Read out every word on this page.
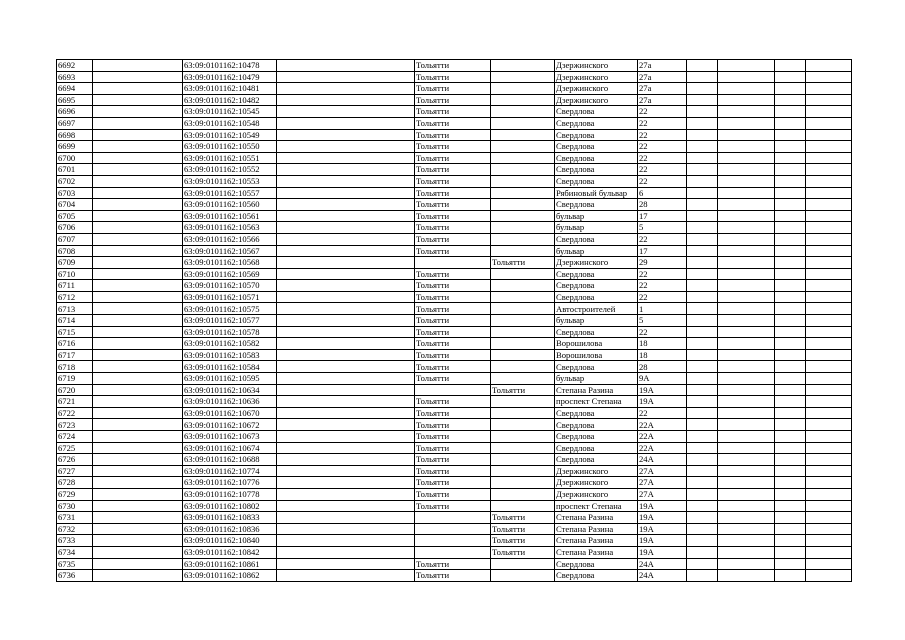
6692		63:09:0101162:10478		Тольятти		Дзержинского	27а				
6693		63:09:0101162:10479		Тольятти		Дзержинского	27а				
6694		63:09:0101162:10481		Тольятти		Дзержинского	27а				
6695		63:09:0101162:10482		Тольятти		Дзержинского	27а				
6696		63:09:0101162:10545		Тольятти		Свердлова	22				
6697		63:09:0101162:10548		Тольятти		Свердлова	22				
6698		63:09:0101162:10549		Тольятти		Свердлова	22				
6699		63:09:0101162:10550		Тольятти		Свердлова	22				
6700		63:09:0101162:10551		Тольятти		Свердлова	22				
6701		63:09:0101162:10552		Тольятти		Свердлова	22				
6702		63:09:0101162:10553		Тольятти		Свердлова	22				
6703		63:09:0101162:10557		Тольятти		Рябиновый бульвар	6				
6704		63:09:0101162:10560		Тольятти		Свердлова	28				
6705		63:09:0101162:10561		Тольятти		бульвар	17				
6706		63:09:0101162:10563		Тольятти		бульвар	5				
6707		63:09:0101162:10566		Тольятти		Свердлова	22				
6708		63:09:0101162:10567		Тольятти		бульвар	17				
6709		63:09:0101162:10568			Тольятти	Дзержинского	29				
6710		63:09:0101162:10569		Тольятти		Свердлова	22				
6711		63:09:0101162:10570		Тольятти		Свердлова	22				
6712		63:09:0101162:10571		Тольятти		Свердлова	22				
6713		63:09:0101162:10575		Тольятти		Автостроителей	1				
6714		63:09:0101162:10577		Тольятти		бульвар	5				
6715		63:09:0101162:10578		Тольятти		Свердлова	22				
6716		63:09:0101162:10582		Тольятти		Ворошилова	18				
6717		63:09:0101162:10583		Тольятти		Ворошилова	18				
6718		63:09:0101162:10584		Тольятти		Свердлова	28				
6719		63:09:0101162:10595		Тольятти		бульвар	9А				
6720		63:09:0101162:10634			Тольятти	Степана Разина	19А				
6721		63:09:0101162:10636		Тольятти		проспект Степана	19А				
6722		63:09:0101162:10670		Тольятти		Свердлова	22				
6723		63:09:0101162:10672		Тольятти		Свердлова	22А				
6724		63:09:0101162:10673		Тольятти		Свердлова	22А				
6725		63:09:0101162:10674		Тольятти		Свердлова	22А				
6726		63:09:0101162:10688		Тольятти		Свердлова	24А				
6727		63:09:0101162:10774		Тольятти		Дзержинского	27А				
6728		63:09:0101162:10776		Тольятти		Дзержинского	27А				
6729		63:09:0101162:10778		Тольятти		Дзержинского	27А				
6730		63:09:0101162:10802		Тольятти		проспект Степана	19А				
6731		63:09:0101162:10833			Тольятти	Степана Разина	19А				
6732		63:09:0101162:10836			Тольятти	Степана Разина	19А				
6733		63:09:0101162:10840			Тольятти	Степана Разина	19А				
6734		63:09:0101162:10842			Тольятти	Степана Разина	19А				
6735		63:09:0101162:10861		Тольятти		Свердлова	24А				
6736		63:09:0101162:10862		Тольятти		Свердлова	24А				
